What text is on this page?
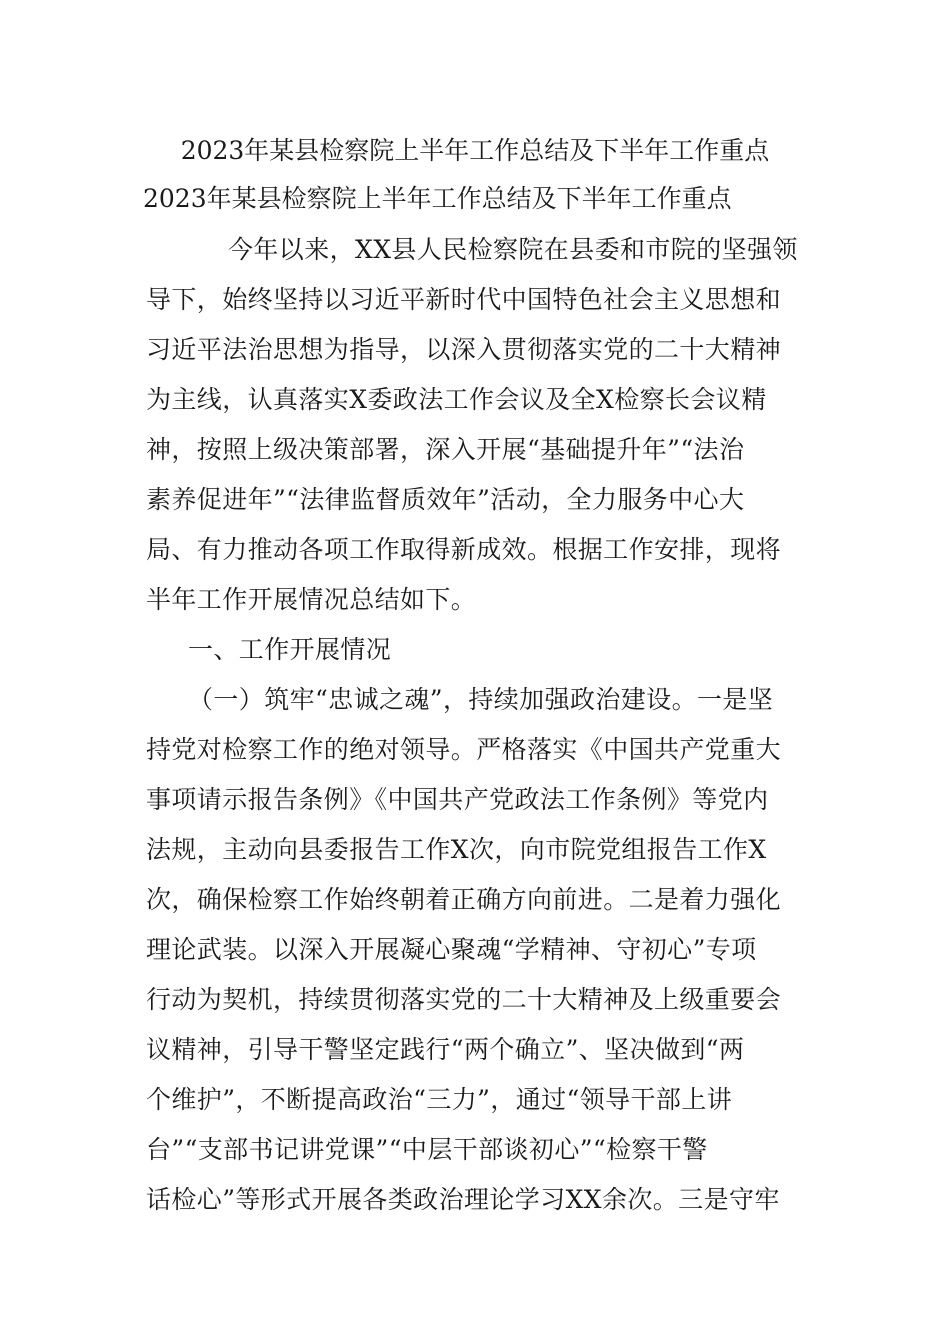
2023年某县检察院上半年工作总结及下半年工作重点
2023年某县检察院上半年工作总结及下半年工作重点
今年以来，XX县人民检察院在县委和市院的坚强领
导下，始终坚持以习近平新时代中国特色社会主义思想和
习近平法治思想为指导，以深入贯彻落实党的二十大精神
为主线，认真落实X委政法工作会议及全X检察长会议精
神，按照上级决策部署，深入开展“基础提升年”“法治
素养促进年”“法律监督质效年”活动，全力服务中心大
局、有力推动各项工作取得新成效。根据工作安排，现将
半年工作开展情况总结如下。
一、工作开展情况
（一）筑牢“忠诚之魂”，持续加强政治建设。一是坚
持党对检察工作的绝对领导。严格落实《中国共产党重大
事项请示报告条例》《中国共产党政法工作条例》等党内
法规，主动向县委报告工作X次，向市院党组报告工作X
次，确保检察工作始终朝着正确方向前进。二是着力强化
理论武装。以深入开展凝心聚魂“学精神、守初心”专项
行动为契机，持续贯彻落实党的二十大精神及上级重要会
议精神，引导干警坚定践行“两个确立”、坚决做到“两
个维护”，不断提高政治“三力”，通过“领导干部上讲
台”“支部书记讲党课”“中层干部谈初心”“检察干警
话检心”等形式开展各类政治理论学习XX余次。三是守牢
